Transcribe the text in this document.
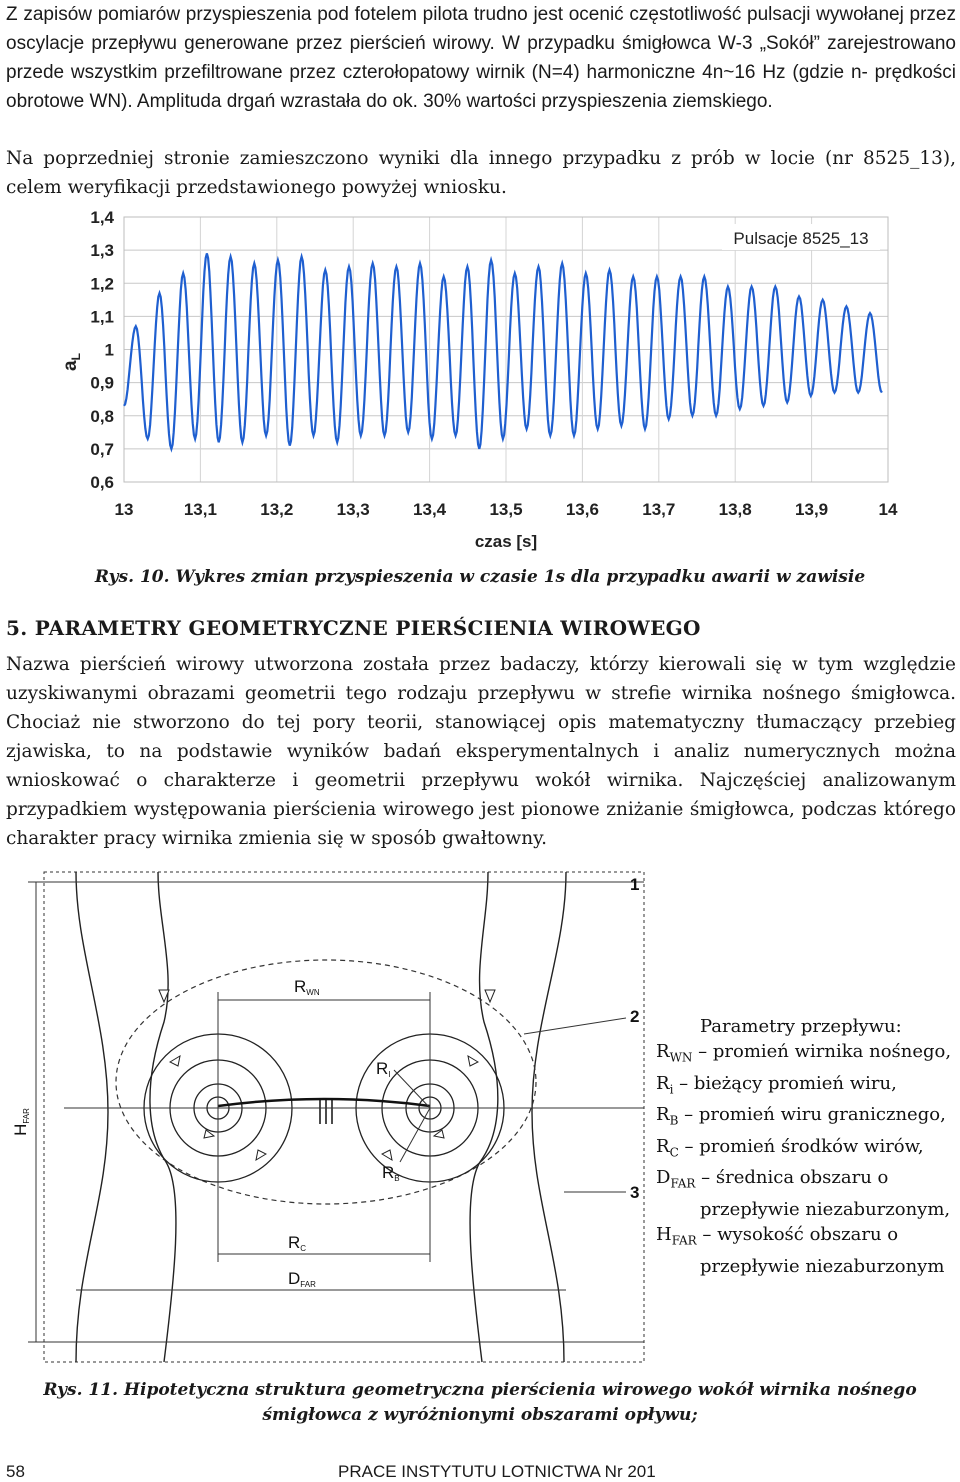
Z zapisów pomiarów przyspieszenia pod fotelem pilota trudno jest ocenić częstotliwość pulsacji wywołanej przez oscylacje przepływu generowane przez pierścień wirowy. W przypadku śmigłowca W-3 „Sokół” zarejestrowano przede wszystkim przefiltrowane przez czterołopatowy wirnik (N=4) harmoniczne 4n~16 Hz (gdzie n- prędkości obrotowe WN). Amplituda drgań wzrastała do ok. 30% wartości przyspieszenia ziemskiego.

Na poprzedniej stronie zamieszczono wyniki dla innego przypadku z prób w locie (nr 8525_13), celem weryfikacji przedstawionego powyżej wniosku.

0,6
0,7
0,8
0,9
1
1,1
1,2
1,3
1,4
13	13,1	13,2	13,3	13,4	13,5	13,6	13,7	13,8	13,9	14
$a_L$
czas [s]
Pulsacje 8525_13
Rys. 10. Wykres zmian przyspieszenia w czasie 1s dla przypadku awarii w zawisie
5. PARAMETRY GEOMETRYCZNE PIERŚCIENIA WIROWEGO

Nazwa pierścień wirowy utworzona została przez badaczy, którzy kierowali się w tym względzie uzyskiwanymi obrazami geometrii tego rodzaju przepływu w strefie wirnika nośnego śmigłowca. Chociaż nie stworzono do tej pory teorii, stanowiącej opis matematyczny tłumaczący przebieg zjawiska, to na podstawie wyników badań eksperymentalnych i analiz numerycznych można wnioskować o charakterze i geometrii przepływu wokół wirnika. Najczęściej analizowanym przypadkiem występowania pierścienia wirowego jest pionowe zniżanie śmigłowca, podczas którego charakter pracy wirnika zmienia się w sposób gwałtowny.

RWN
RI
RB
RC
DFAR
HFAR
1
2
3
Parametry przepływu:
$R_{WN}$ – promień wirnika nośnego,
$R_i$ – bieżący promień wiru,
$R_B$ – promień wiru granicznego,
$R_C$ – promień środków wirów,
$D_{FAR}$ – średnica obszaru o
przepływie niezaburzonym,
$H_{FAR}$ – wysokość obszaru o
przepływie niezaburzonym
Rys. 11. Hipotetyczna struktura geometryczna pierścienia wirowego wokół wirnika nośnego
śmigłowca z wyróżnionymi obszarami opływu;
58	PRACE INSTYTUTU LOTNICTWA Nr 201
